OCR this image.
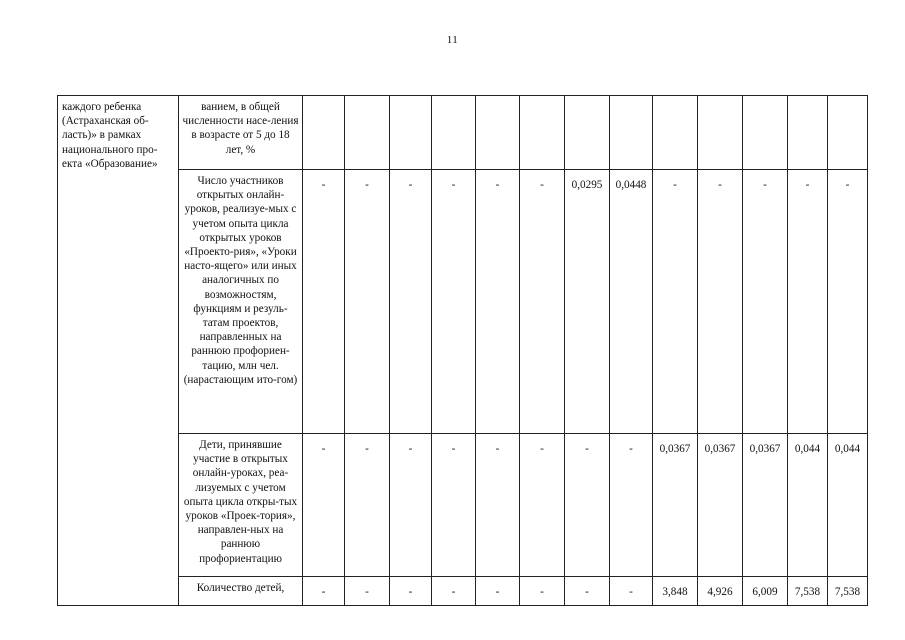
11
каждого ребенка (Астраханская об-ласть)» в рамках национального про-екта «Образование»	ванием, в общей численности насе-ления в возрасте от 5 до 18 лет, %													

	Число участников открытых онлайн-уроков, реализуе-мых с учетом опыта цикла открытых уроков «Проекто-рия», «Уроки насто-ящего» или иных аналогичных по возможностям, функциям и резуль-татам проектов, направленных на раннюю профориен-тацию, млн чел. (нарастающим ито-гом)	-	-	-	-	-	-	0,0295	0,0448	-	-	-	-	-

	Дети, принявшие участие в открытых онлайн-уроках, реа-лизуемых с учетом опыта цикла откры-тых уроков «Проек-тория», направлен-ных на раннюю профориентацию	-	-	-	-	-	-	-	-	0,0367	0,0367	0,0367	0,044	0,044

	Количество детей,	-	-	-	-	-	-	-	-	3,848	4,926	6,009	7,538	7,538
